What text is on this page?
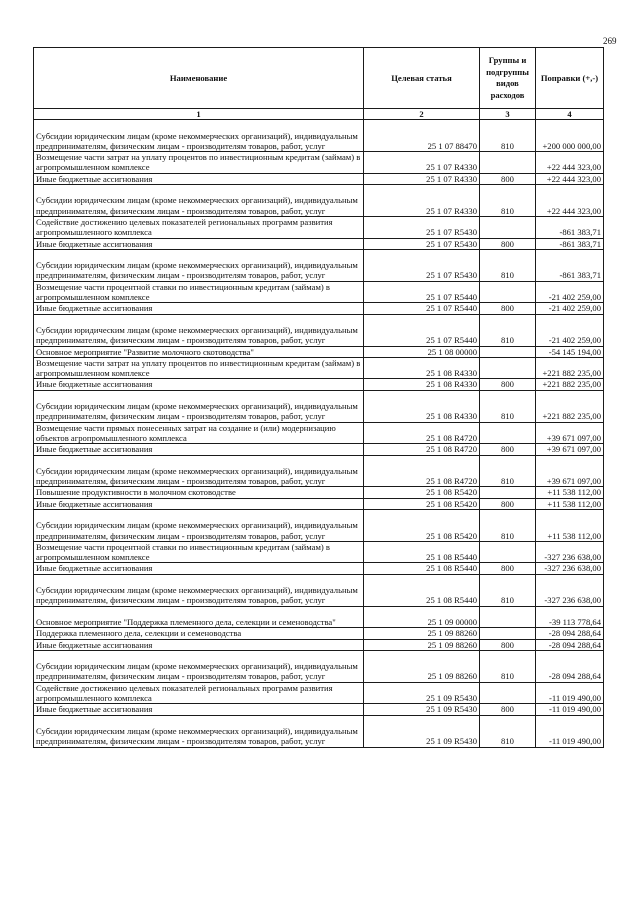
269
Наименование	Целевая статья	Группы и
подгруппы
видов
расходов	Поправки (+,-)
1	2	3	4
Субсидии юридическим лицам (кроме некоммерческих организаций), индивидуальным предпринимателям, физическим лицам - производителям товаров, работ, услуг	25 1 07 88470	810	+200 000 000,00
Возмещение части затрат на уплату процентов по инвестиционным кредитам (займам) в агропромышленном комплексе	25 1 07 R4330		+22 444 323,00
Иные бюджетные ассигнования	25 1 07 R4330	800	+22 444 323,00
Субсидии юридическим лицам (кроме некоммерческих организаций), индивидуальным предпринимателям, физическим лицам - производителям товаров, работ, услуг	25 1 07 R4330	810	+22 444 323,00
Содействие достижению целевых показателей региональных программ развития агропромышленного комплекса	25 1 07 R5430		-861 383,71
Иные бюджетные ассигнования	25 1 07 R5430	800	-861 383,71
Субсидии юридическим лицам (кроме некоммерческих организаций), индивидуальным предпринимателям, физическим лицам - производителям товаров, работ, услуг	25 1 07 R5430	810	-861 383,71
Возмещение части процентной ставки по инвестиционным кредитам (займам) в агропромышленном комплексе	25 1 07 R5440		-21 402 259,00
Иные бюджетные ассигнования	25 1 07 R5440	800	-21 402 259,00
Субсидии юридическим лицам (кроме некоммерческих организаций), индивидуальным предпринимателям, физическим лицам - производителям товаров, работ, услуг	25 1 07 R5440	810	-21 402 259,00
Основное мероприятие "Развитие молочного скотоводства"	25 1 08 00000		-54 145 194,00
Возмещение части затрат на уплату процентов по инвестиционным кредитам (займам) в агропромышленном комплексе	25 1 08 R4330		+221 882 235,00
Иные бюджетные ассигнования	25 1 08 R4330	800	+221 882 235,00
Субсидии юридическим лицам (кроме некоммерческих организаций), индивидуальным предпринимателям, физическим лицам - производителям товаров, работ, услуг	25 1 08 R4330	810	+221 882 235,00
Возмещение части прямых понесенных затрат на создание и (или) модернизацию объектов агропромышленного комплекса	25 1 08 R4720		+39 671 097,00
Иные бюджетные ассигнования	25 1 08 R4720	800	+39 671 097,00
Субсидии юридическим лицам (кроме некоммерческих организаций), индивидуальным предпринимателям, физическим лицам - производителям товаров, работ, услуг	25 1 08 R4720	810	+39 671 097,00
Повышение продуктивности в молочном скотоводстве	25 1 08 R5420		+11 538 112,00
Иные бюджетные ассигнования	25 1 08 R5420	800	+11 538 112,00
Субсидии юридическим лицам (кроме некоммерческих организаций), индивидуальным предпринимателям, физическим лицам - производителям товаров, работ, услуг	25 1 08 R5420	810	+11 538 112,00
Возмещение части процентной ставки по инвестиционным кредитам (займам) в агропромышленном комплексе	25 1 08 R5440		-327 236 638,00
Иные бюджетные ассигнования	25 1 08 R5440	800	-327 236 638,00
Субсидии юридическим лицам (кроме некоммерческих организаций), индивидуальным предпринимателям, физическим лицам - производителям товаров, работ, услуг	25 1 08 R5440	810	-327 236 638,00
Основное мероприятие "Поддержка племенного дела, селекции и семеноводства"	25 1 09 00000		-39 113 778,64
Поддержка племенного дела, селекции и семеноводства	25 1 09 88260		-28 094 288,64
Иные бюджетные ассигнования	25 1 09 88260	800	-28 094 288,64
Субсидии юридическим лицам (кроме некоммерческих организаций), индивидуальным предпринимателям, физическим лицам - производителям товаров, работ, услуг	25 1 09 88260	810	-28 094 288,64
Содействие достижению целевых показателей региональных программ развития агропромышленного комплекса	25 1 09 R5430		-11 019 490,00
Иные бюджетные ассигнования	25 1 09 R5430	800	-11 019 490,00
Субсидии юридическим лицам (кроме некоммерческих организаций), индивидуальным предпринимателям, физическим лицам - производителям товаров, работ, услуг	25 1 09 R5430	810	-11 019 490,00
